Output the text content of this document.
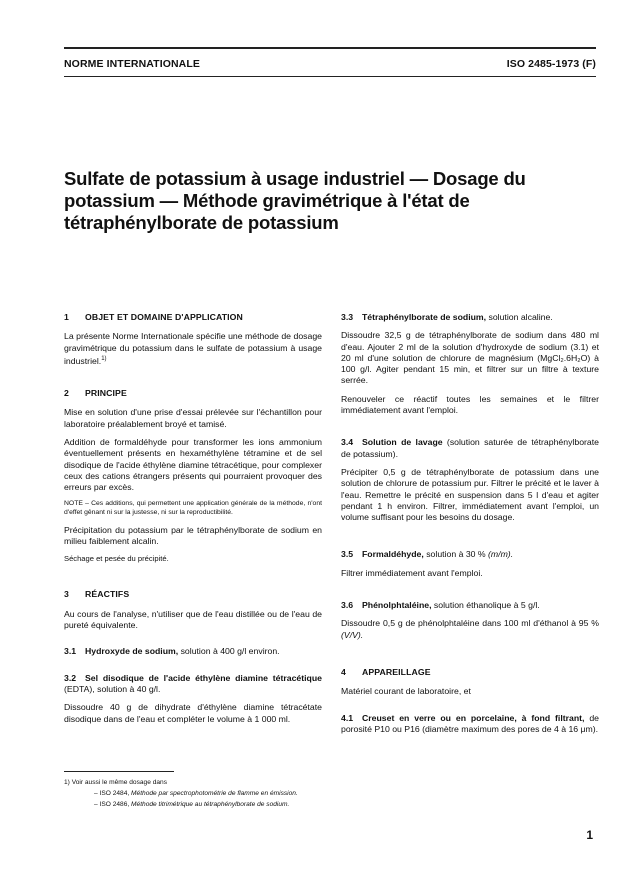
NORME INTERNATIONALE	ISO 2485-1973 (F)
Sulfate de potassium à usage industriel — Dosage du potassium — Méthode gravimétrique à l'état de tétraphénylborate de potassium
1 OBJET ET DOMAINE D'APPLICATION

La présente Norme Internationale spécifie une méthode de dosage gravimétrique du potassium dans le sulfate de potassium à usage industriel.$^{1)}$

2 PRINCIPE

Mise en solution d'une prise d'essai prélevée sur l'échantillon pour laboratoire préalablement broyé et tamisé.

Addition de formaldéhyde pour transformer les ions ammonium éventuellement présents en hexaméthylène tétramine et de sel disodique de l'acide éthylène diamine tétracétique, pour complexer ceux des cations étrangers présents qui pourraient provoquer des erreurs par excès.

NOTE – Ces additions, qui permettent une application générale de la méthode, n'ont d'effet gênant ni sur la justesse, ni sur la reproductibilité.

Précipitation du potassium par le tétraphénylborate de sodium en milieu faiblement alcalin.

Séchage et pesée du précipité.

3 RÉACTIFS

Au cours de l'analyse, n'utiliser que de l'eau distillée ou de l'eau de pureté équivalente.

3.1 Hydroxyde de sodium, solution à 400 g/l environ.
3.2 Sel disodique de l'acide éthylène diamine tétracétique (EDTA), solution à 40 g/l.

Dissoudre 40 g de dihydrate d'éthylène diamine tétracétate disodique dans de l'eau et compléter le volume à 1 000 ml.

3.3 Tétraphénylborate de sodium, solution alcaline.

Dissoudre 32,5 g de tétraphénylborate de sodium dans 480 ml d'eau. Ajouter 2 ml de la solution d'hydroxyde de sodium (3.1) et 20 ml d'une solution de chlorure de magnésium (MgCl₂.6H₂O) à 100 g/l. Agiter pendant 15 min, et filtrer sur un filtre à texture serrée.

Renouveler ce réactif toutes les semaines et le filtrer immédiatement avant l'emploi.

3.4 Solution de lavage (solution saturée de tétraphénylborate de potassium).

Précipiter 0,5 g de tétraphénylborate de potassium dans une solution de chlorure de potassium pur. Filtrer le précité et le laver à l'eau. Remettre le précité en suspension dans 5 l d'eau et agiter pendant 1 h environ. Filtrer, immédiatement avant l'emploi, un volume suffisant pour les besoins du dosage.

3.5 Formaldéhyde, solution à 30 % (m/m).

Filtrer immédiatement avant l'emploi.

3.6 Phénolphtaléine, solution éthanolique à 5 g/l.

Dissoudre 0,5 g de phénolphtaléine dans 100 ml d'éthanol à 95 % (V/V).

4 APPAREILLAGE

Matériel courant de laboratoire, et

4.1 Creuset en verre ou en porcelaine, à fond filtrant, de porosité P10 ou P16 (diamètre maximum des pores de 4 à 16 μm).
1) Voir aussi le même dosage dans
– ISO 2484, Méthode par spectrophotométrie de flamme en émission.
– ISO 2486, Méthode titrimétrique au tétraphénylborate de sodium.
1
